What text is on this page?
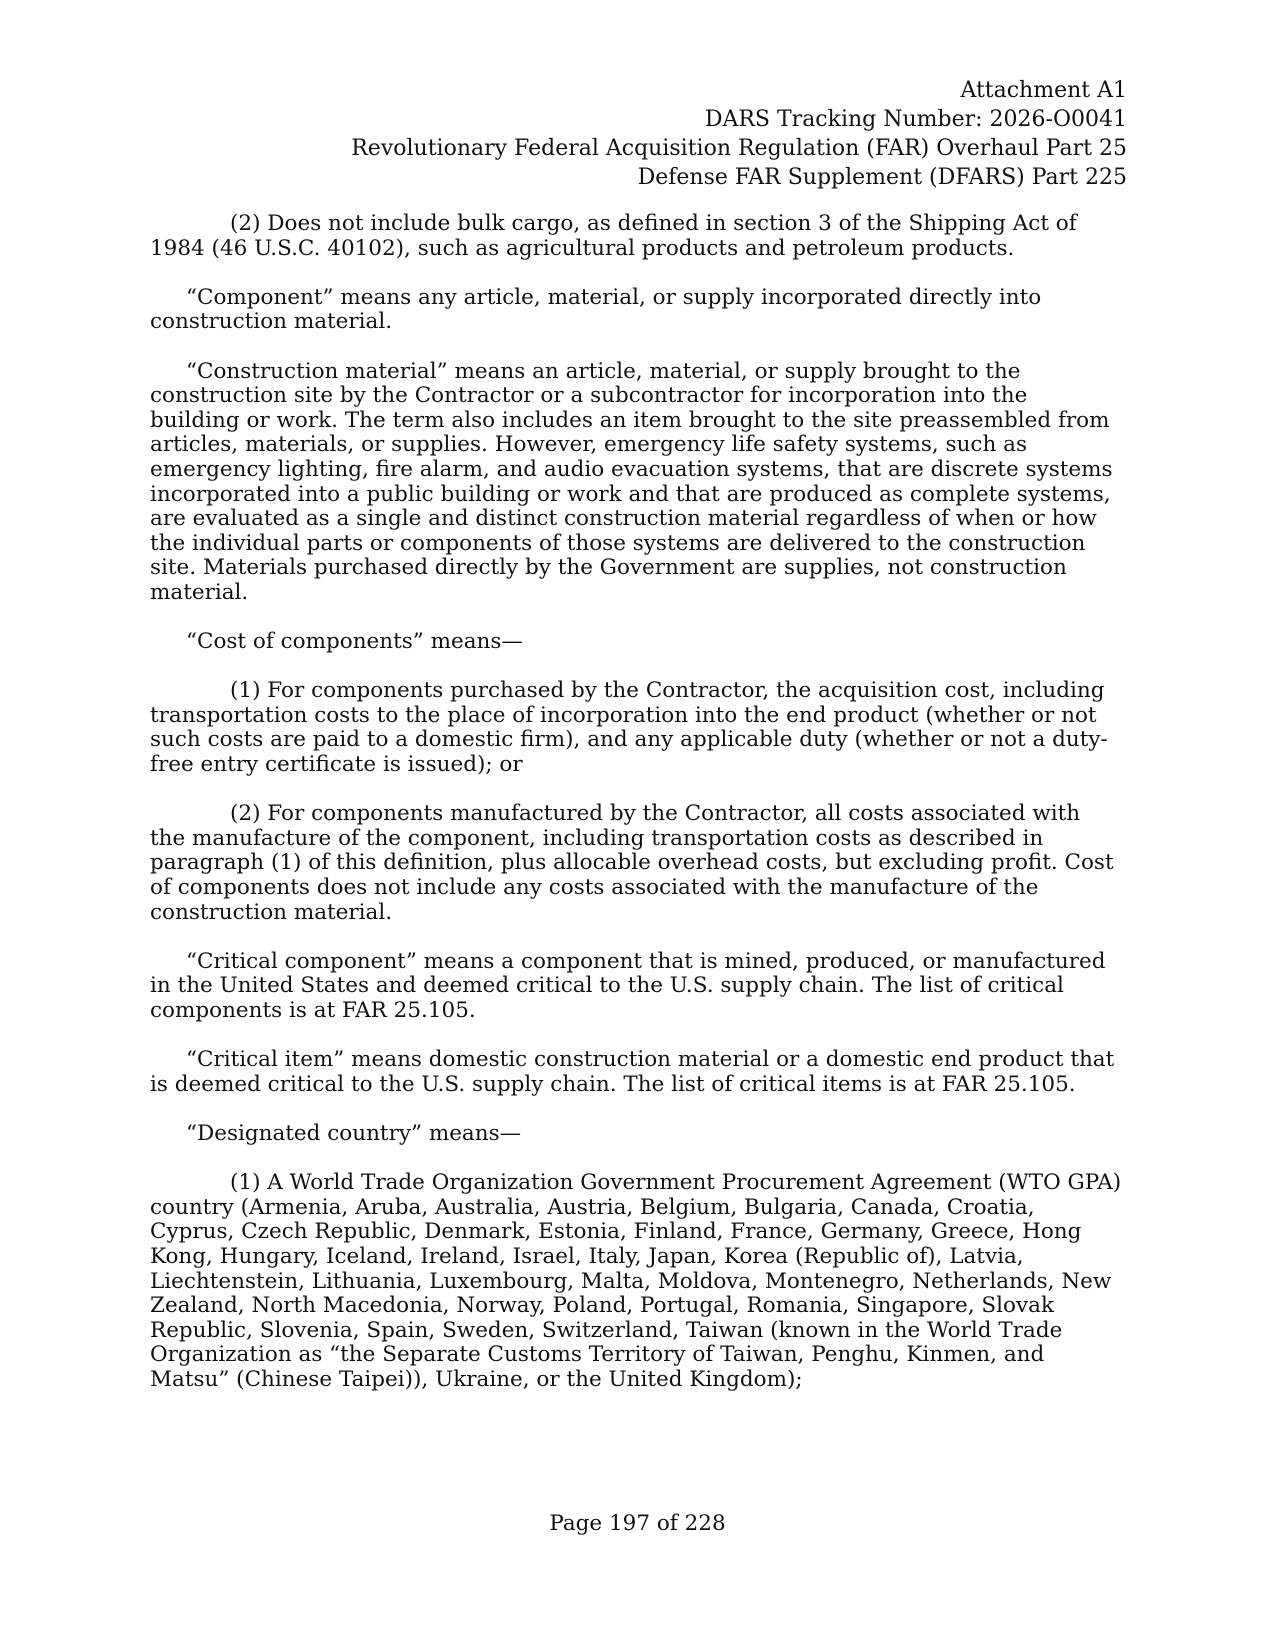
Attachment A1
DARS Tracking Number: 2026-O0041
Revolutionary Federal Acquisition Regulation (FAR) Overhaul Part 25
Defense FAR Supplement (DFARS) Part 225

(2) Does not include bulk cargo, as defined in section 3 of the Shipping Act of 1984 (46 U.S.C. 40102), such as agricultural products and petroleum products.

“Component” means any article, material, or supply incorporated directly into construction material.

“Construction material” means an article, material, or supply brought to the construction site by the Contractor or a subcontractor for incorporation into the building or work. The term also includes an item brought to the site preassembled from articles, materials, or supplies. However, emergency life safety systems, such as emergency lighting, fire alarm, and audio evacuation systems, that are discrete systems incorporated into a public building or work and that are produced as complete systems, are evaluated as a single and distinct construction material regardless of when or how the individual parts or components of those systems are delivered to the construction site. Materials purchased directly by the Government are supplies, not construction material.

“Cost of components” means—

(1) For components purchased by the Contractor, the acquisition cost, including transportation costs to the place of incorporation into the end product (whether or not such costs are paid to a domestic firm), and any applicable duty (whether or not a duty-free entry certificate is issued); or

(2) For components manufactured by the Contractor, all costs associated with the manufacture of the component, including transportation costs as described in paragraph (1) of this definition, plus allocable overhead costs, but excluding profit. Cost of components does not include any costs associated with the manufacture of the construction material.

“Critical component” means a component that is mined, produced, or manufactured in the United States and deemed critical to the U.S. supply chain. The list of critical components is at FAR 25.105.

“Critical item” means domestic construction material or a domestic end product that is deemed critical to the U.S. supply chain. The list of critical items is at FAR 25.105.

“Designated country” means—

(1) A World Trade Organization Government Procurement Agreement (WTO GPA) country (Armenia, Aruba, Australia, Austria, Belgium, Bulgaria, Canada, Croatia, Cyprus, Czech Republic, Denmark, Estonia, Finland, France, Germany, Greece, Hong Kong, Hungary, Iceland, Ireland, Israel, Italy, Japan, Korea (Republic of), Latvia, Liechtenstein, Lithuania, Luxembourg, Malta, Moldova, Montenegro, Netherlands, New Zealand, North Macedonia, Norway, Poland, Portugal, Romania, Singapore, Slovak Republic, Slovenia, Spain, Sweden, Switzerland, Taiwan (known in the World Trade Organization as “the Separate Customs Territory of Taiwan, Penghu, Kinmen, and Matsu” (Chinese Taipei)), Ukraine, or the United Kingdom);

Page 197 of 228
